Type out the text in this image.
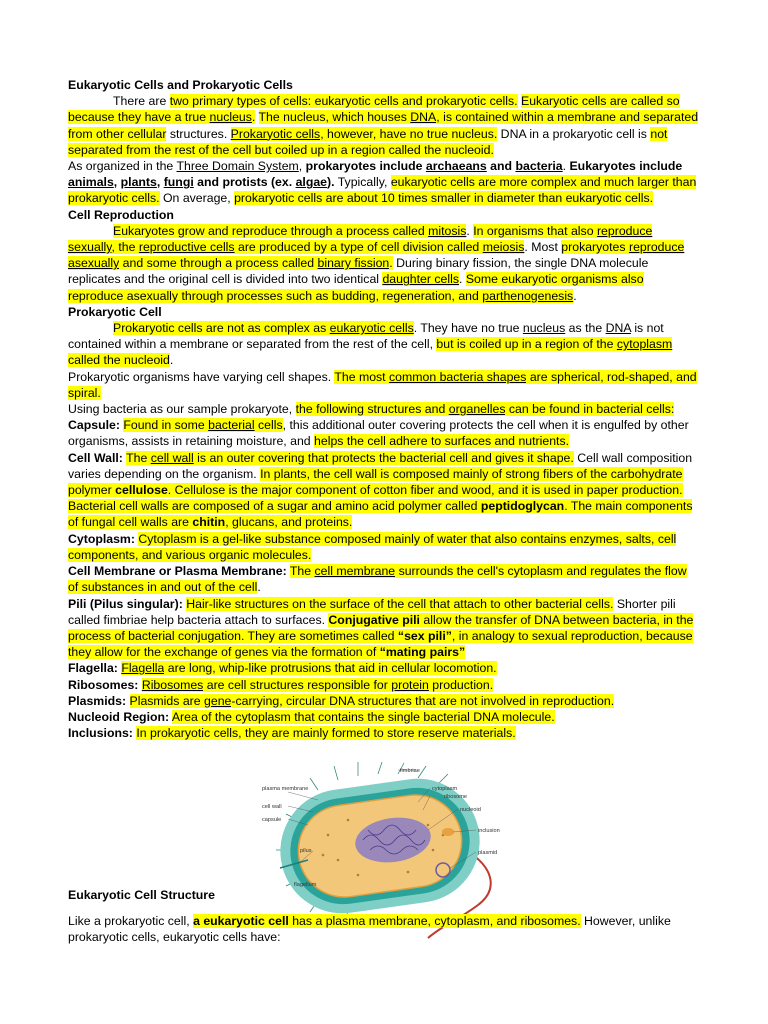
Eukaryotic Cells and Prokaryotic Cells

There are two primary types of cells: eukaryotic cells and prokaryotic cells. Eukaryotic cells are called so because they have a true nucleus. The nucleus, which houses DNA, is contained within a membrane and separated from other cellular structures. Prokaryotic cells, however, have no true nucleus. DNA in a prokaryotic cell is not separated from the rest of the cell but coiled up in a region called the nucleoid.

As organized in the Three Domain System, prokaryotes include archaeans and bacteria. Eukaryotes include animals, plants, fungi and protists (ex. algae). Typically, eukaryotic cells are more complex and much larger than prokaryotic cells. On average, prokaryotic cells are about 10 times smaller in diameter than eukaryotic cells.

Cell Reproduction

Eukaryotes grow and reproduce through a process called mitosis. In organisms that also reproduce sexually, the reproductive cells are produced by a type of cell division called meiosis. Most prokaryotes reproduce asexually and some through a process called binary fission. During binary fission, the single DNA molecule replicates and the original cell is divided into two identical daughter cells. Some eukaryotic organisms also reproduce asexually through processes such as budding, regeneration, and parthenogenesis.

Prokaryotic Cell

Prokaryotic cells are not as complex as eukaryotic cells. They have no true nucleus as the DNA is not contained within a membrane or separated from the rest of the cell, but is coiled up in a region of the cytoplasm called the nucleoid.

Prokaryotic organisms have varying cell shapes. The most common bacteria shapes are spherical, rod-shaped, and spiral.

Using bacteria as our sample prokaryote, the following structures and organelles can be found in bacterial cells:

Capsule: Found in some bacterial cells, this additional outer covering protects the cell when it is engulfed by other organisms, assists in retaining moisture, and helps the cell adhere to surfaces and nutrients.

Cell Wall: The cell wall is an outer covering that protects the bacterial cell and gives it shape. Cell wall composition varies depending on the organism. In plants, the cell wall is composed mainly of strong fibers of the carbohydrate polymer cellulose. Cellulose is the major component of cotton fiber and wood, and it is used in paper production. Bacterial cell walls are composed of a sugar and amino acid polymer called peptidoglycan. The main components of fungal cell walls are chitin, glucans, and proteins.

Cytoplasm: Cytoplasm is a gel-like substance composed mainly of water that also contains enzymes, salts, cell components, and various organic molecules.

Cell Membrane or Plasma Membrane: The cell membrane surrounds the cell's cytoplasm and regulates the flow of substances in and out of the cell.

Pili (Pilus singular): Hair-like structures on the surface of the cell that attach to other bacterial cells. Shorter pili called fimbriae help bacteria attach to surfaces. Conjugative pili allow the transfer of DNA between bacteria, in the process of bacterial conjugation. They are sometimes called “sex pili”, in analogy to sexual reproduction, because they allow for the exchange of genes via the formation of “mating pairs”

Flagella: Flagella are long, whip-like protrusions that aid in cellular locomotion.

Ribosomes: Ribosomes are cell structures responsible for protein production.

Plasmids: Plasmids are gene-carrying, circular DNA structures that are not involved in reproduction.

Nucleoid Region: Area of the cytoplasm that contains the single bacterial DNA molecule.

Inclusions: In prokaryotic cells, they are mainly formed to store reserve materials.

fimbriae
plasma membrane
cell wall
capsule
cytoplasm
ribosome
nucleoid
inclusion
plasmid
pilus
flagellum
Eukaryotic Cell Structure

Like a prokaryotic cell, a eukaryotic cell has a plasma membrane, cytoplasm, and ribosomes. However, unlike prokaryotic cells, eukaryotic cells have:
